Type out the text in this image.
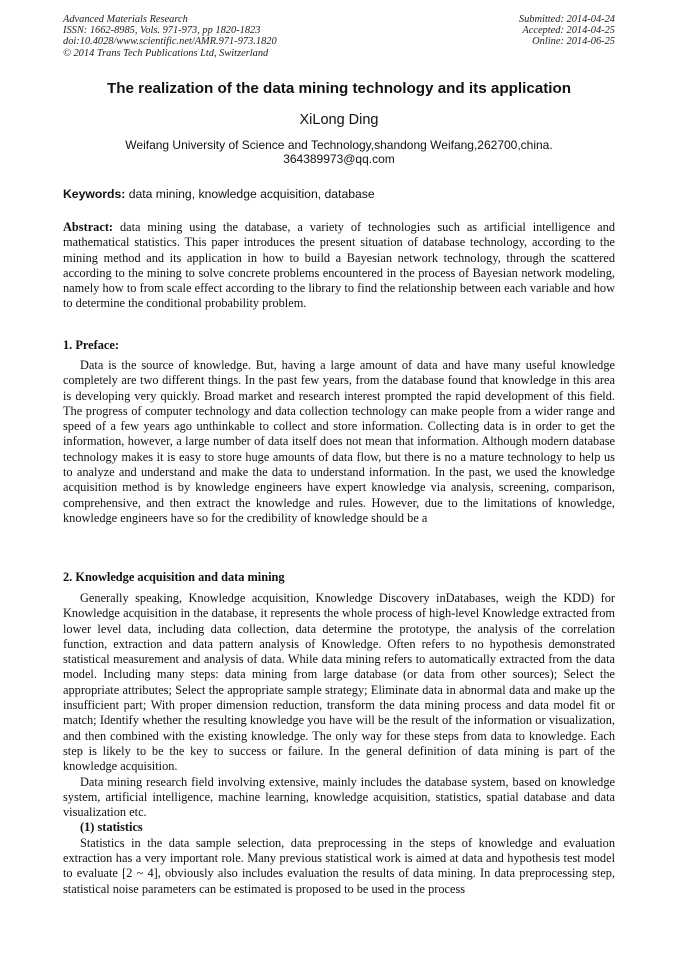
Advanced Materials Research
ISSN: 1662-8985, Vols. 971-973, pp 1820-1823
doi:10.4028/www.scientific.net/AMR.971-973.1820
© 2014 Trans Tech Publications Ltd, Switzerland
Submitted: 2014-04-24
Accepted: 2014-04-25
Online: 2014-06-25
The realization of the data mining technology and its application
XiLong Ding
Weifang University of Science and Technology,shandong Weifang,262700,china.
364389973@qq.com
Keywords: data mining, knowledge acquisition, database

Abstract: data mining using the database, a variety of technologies such as artificial intelligence and mathematical statistics. This paper introduces the present situation of database technology, according to the mining method and its application in how to build a Bayesian network technology, through the scattered according to the mining to solve concrete problems encountered in the process of Bayesian network modeling, namely how to from scale effect according to the library to find the relationship between each variable and how to determine the conditional probability problem.

1. Preface:

Data is the source of knowledge. But, having a large amount of data and have many useful knowledge completely are two different things. In the past few years, from the database found that knowledge in this area is developing very quickly. Broad market and research interest prompted the rapid development of this field. The progress of computer technology and data collection technology can make people from a wider range and speed of a few years ago unthinkable to collect and store information. Collecting data is in order to get the information, however, a large number of data itself does not mean that information. Although modern database technology makes it is easy to store huge amounts of data flow, but there is no a mature technology to help us to analyze and understand and make the data to understand information. In the past, we used the knowledge acquisition method is by knowledge engineers have expert knowledge via analysis, screening, comparison, comprehensive, and then extract the knowledge and rules. However, due to the limitations of knowledge, knowledge engineers have so for the credibility of knowledge should be a

2. Knowledge acquisition and data mining

Generally speaking, Knowledge acquisition, Knowledge Discovery inDatabases, weigh the KDD) for Knowledge acquisition in the database, it represents the whole process of high-level Knowledge extracted from lower level data, including data collection, data determine the prototype, the analysis of the correlation function, extraction and data pattern analysis of Knowledge. Often refers to no hypothesis demonstrated statistical measurement and analysis of data. While data mining refers to automatically extracted from the data model. Including many steps: data mining from large database (or data from other sources); Select the appropriate attributes; Select the appropriate sample strategy; Eliminate data in abnormal data and make up the insufficient part; With proper dimension reduction, transform the data mining process and data model fit or match; Identify whether the resulting knowledge you have will be the result of the information or visualization, and then combined with the existing knowledge. The only way for these steps from data to knowledge. Each step is likely to be the key to success or failure. In the general definition of data mining is part of the knowledge acquisition.

Data mining research field involving extensive, mainly includes the database system, based on knowledge system, artificial intelligence, machine learning, knowledge acquisition, statistics, spatial database and data visualization etc.

(1) statistics

Statistics in the data sample selection, data preprocessing in the steps of knowledge and evaluation extraction has a very important role. Many previous statistical work is aimed at data and hypothesis test model to evaluate [2 ~ 4], obviously also includes evaluation the results of data mining. In data preprocessing step, statistical noise parameters can be estimated is proposed to be used in the process
